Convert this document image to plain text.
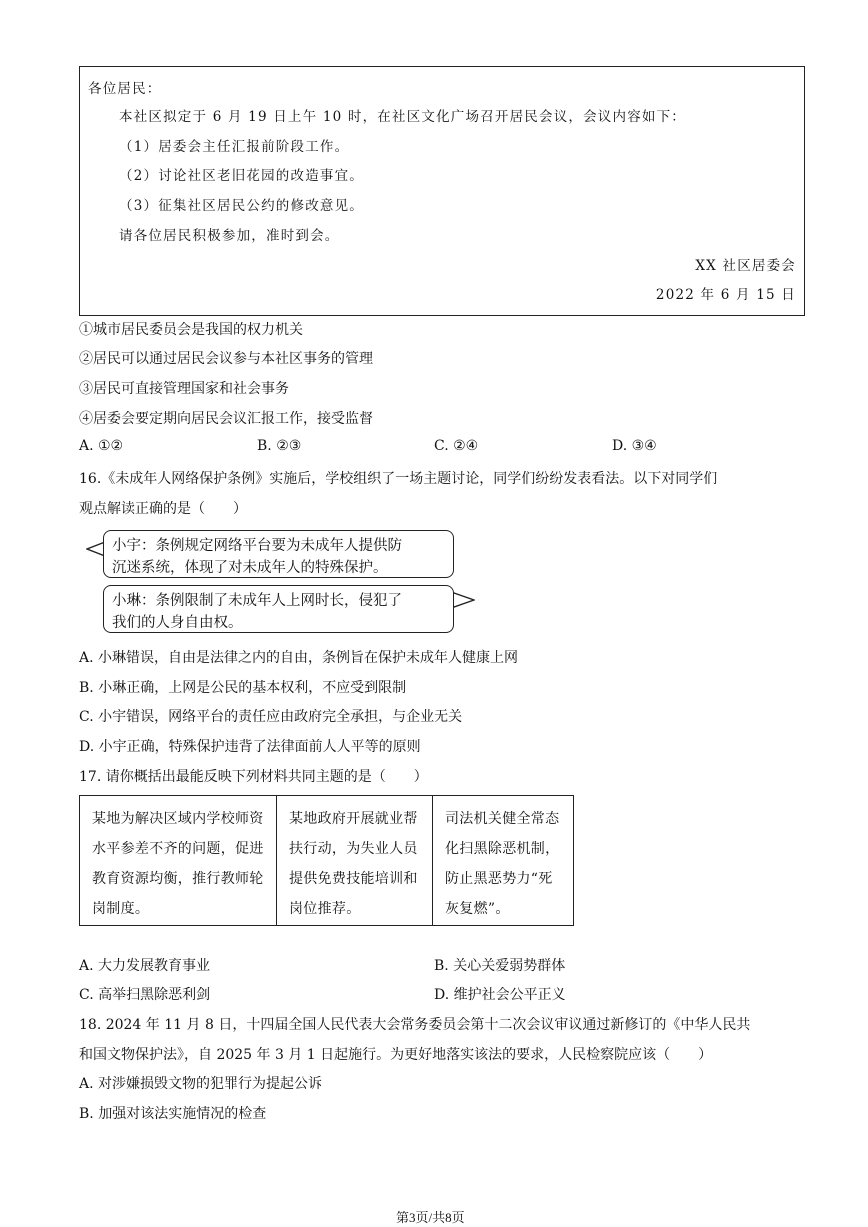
各位居民：
本社区拟定于 6 月 19 日上午 10 时，在社区文化广场召开居民会议，会议内容如下：
（1）居委会主任汇报前阶段工作。
（2）讨论社区老旧花园的改造事宜。
（3）征集社区居民公约的修改意见。
请各位居民积极参加，准时到会。
XX 社区居委会
2022 年 6 月 15 日
①城市居民委员会是我国的权力机关
②居民可以通过居民会议参与本社区事务的管理
③居民可直接管理国家和社会事务
④居委会要定期向居民会议汇报工作，接受监督
A. ①②	B. ②③	C. ②④	D. ③④
16.《未成年人网络保护条例》实施后，学校组织了一场主题讨论，同学们纷纷发表看法。以下对同学们
观点解读正确的是（　　）
小宇：条例规定网络平台要为未成年人提供防
沉迷系统，体现了对未成年人的特殊保护。
小琳：条例限制了未成年人上网时长，侵犯了
我们的人身自由权。
A. 小琳错误，自由是法律之内的自由，条例旨在保护未成年人健康上网
B. 小琳正确，上网是公民的基本权利，不应受到限制
C. 小宇错误，网络平台的责任应由政府完全承担，与企业无关
D. 小宇正确，特殊保护违背了法律面前人人平等的原则
17. 请你概括出最能反映下列材料共同主题的是（　　）
某地为解决区域内学校师资水平参差不齐的问题，促进教育资源均衡，推行教师轮岗制度。
某地政府开展就业帮扶行动，为失业人员提供免费技能培训和岗位推荐。
司法机关健全常态化扫黑除恶机制，防止黑恶势力“死灰复燃”。
A. 大力发展教育事业	B. 关心关爱弱势群体
C. 高举扫黑除恶利剑	D. 维护社会公平正义
18. 2024 年 11 月 8 日，十四届全国人民代表大会常务委员会第十二次会议审议通过新修订的《中华人民共
和国文物保护法》，自 2025 年 3 月 1 日起施行。为更好地落实该法的要求，人民检察院应该（　　）
A. 对涉嫌损毁文物的犯罪行为提起公诉
B. 加强对该法实施情况的检查
第3页/共8页
